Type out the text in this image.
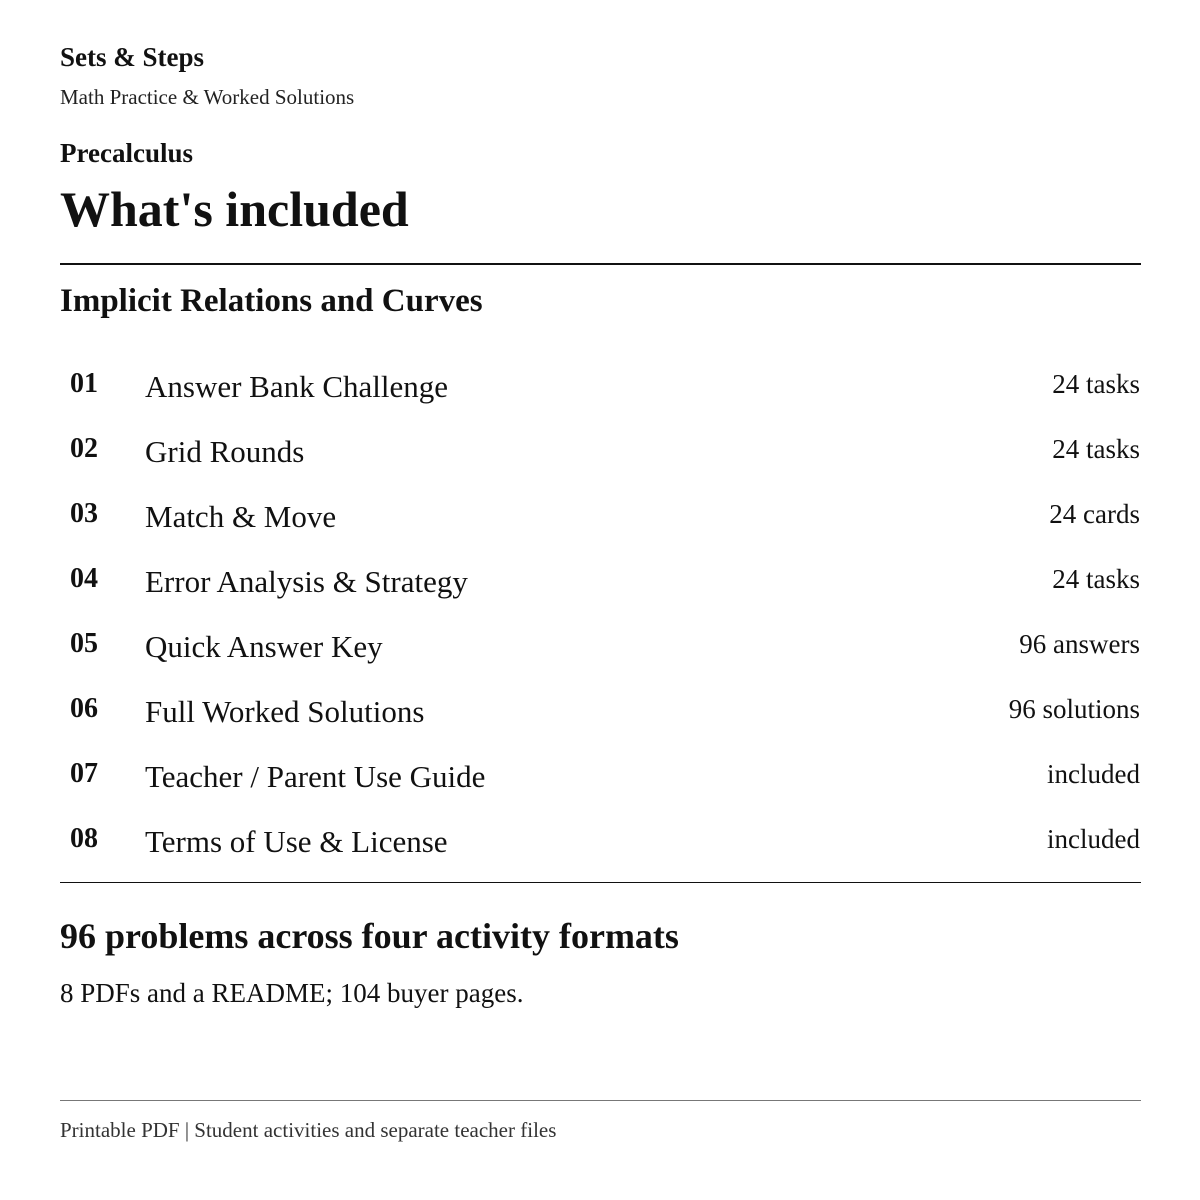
Sets & Steps
Math Practice & Worked Solutions
Precalculus
What's included
Implicit Relations and Curves
01 Answer Bank Challenge	24 tasks
02 Grid Rounds	24 tasks
03 Match & Move	24 cards
04 Error Analysis & Strategy	24 tasks
05 Quick Answer Key	96 answers
06 Full Worked Solutions	96 solutions
07 Teacher / Parent Use Guide	included
08 Terms of Use & License	included
96 problems across four activity formats
8 PDFs and a README; 104 buyer pages.
Printable PDF | Student activities and separate teacher files
